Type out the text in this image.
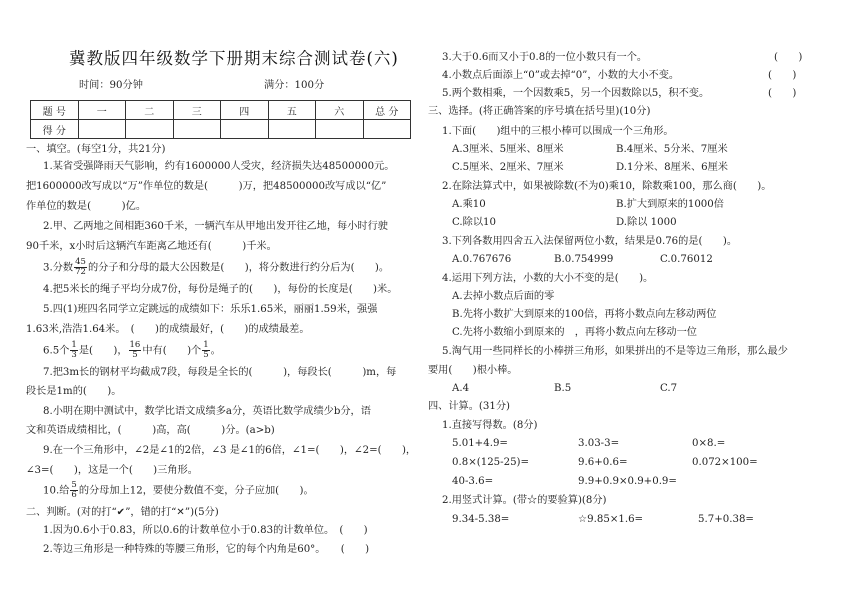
冀教版四年级数学下册期末综合测试卷(六)
时间：90分钟	满分：100分
题 号	一	二	三	四	五	六	总 分
得 分							
一、填空。(每空1分，共21分)
1.某省受强降雨天气影响，约有1600000人受灾，经济损失达48500000元。
把1600000改写成以“万”作单位的数是(　　　)万，把48500000改写成以“亿”
作单位的数是(　　　)亿。
2.甲、乙两地之间相距360千米，一辆汽车从甲地出发开往乙地，每小时行驶
90千米，x小时后这辆汽车距离乙地还有(　　　)千米。
3.分数 $\frac{45}{72}$ 的分子和分母的最大公因数是(　　)，将分数进行约分后为(　　)。
4.把5米长的绳子平均分成7份，每份是绳子的(　　)，每份的长度是(　　)米。
5.四(1)班四名同学立定跳远的成绩如下：乐乐1.65米，丽丽1.59米，强强
1.63米,浩浩1.64米。　(　　)的成绩最好，(　　)的成绩最差。
6.5个 $\frac{1}{3}$ 是(　　)， $\frac{16}{5}$ 中有(　　)个 $\frac{1}{5}$ 。
7.把3m长的钢材平均截成7段，每段是全长的(　　　)，每段长(　　　)m，每
段长是1m的(　　)。
8.小明在期中测试中，数学比语文成绩多a分，英语比数学成绩少b分，语
文和英语成绩相比，(　　　)高，高(　　　)分。(a>b)
9.在一个三角形中，∠2是∠1的2倍，∠3 是∠1的6倍，∠1=(　　)，∠2=(　　)，
∠3=(　　)，这是一个(　　)三角形。
10.给 $\frac{5}{6}$ 的分母加上12，要使分数值不变，分子应加(　　)。
二、判断。(对的打“✔”，错的打“✕”)(5分)
1.因为0.6小于0.83，所以0.6的计数单位小于0.83的计数单位。　(　　)
2.等边三角形是一种特殊的等腰三角形，它的每个内角是60°。　　(　　)
3.大于0.6而又小于0.8的一位小数只有一个。	(　　)
4.小数点后面添上“0”或去掉“0”，小数的大小不变。	(　　)
5.两个数相乘，一个因数乘5，另一个因数除以5，积不变。	(　　)
三、选择。(将正确答案的序号填在括号里)(10分)
1.下面(　　)组中的三根小棒可以围成一个三角形。
A.3厘米、5厘米、8厘米	B.4厘米、5分米、7厘米
C.5厘米、2厘米、7厘米	D.1分米、8厘米、6厘米
2.在除法算式中，如果被除数(不为0)乘10，除数乘100，那么商(　　)。
A.乘10	B.扩大到原来的1000倍
C.除以10	D.除以 1000
3.下列各数用四舍五入法保留两位小数，结果是0.76的是(　　)。
A.0.767676	B.0.754999	C.0.76012
4.运用下列方法，小数的大小不变的是(　　)。
A.去掉小数点后面的零
B.先将小数扩大到原来的100倍，再将小数点向左移动两位
C.先将小数缩小到原来的　，再将小数点向左移动一位
5.淘气用一些同样长的小棒拼三角形，如果拼出的不是等边三角形，那么最少
要用(　　)根小棒。
A.4	B.5	C.7
四、计算。(31分)
1.直接写得数。(8分)
5.01+4.9=	3.03-3=	0×8.=
0.8×(125-25)=	9.6+0.6=	0.072×100=
40-3.6=	9.9+0.9×0.9+0.9=
2.用竖式计算。(带☆的要验算)(8分)
9.34-5.38=	☆9.85×1.6=	5.7+0.38=
